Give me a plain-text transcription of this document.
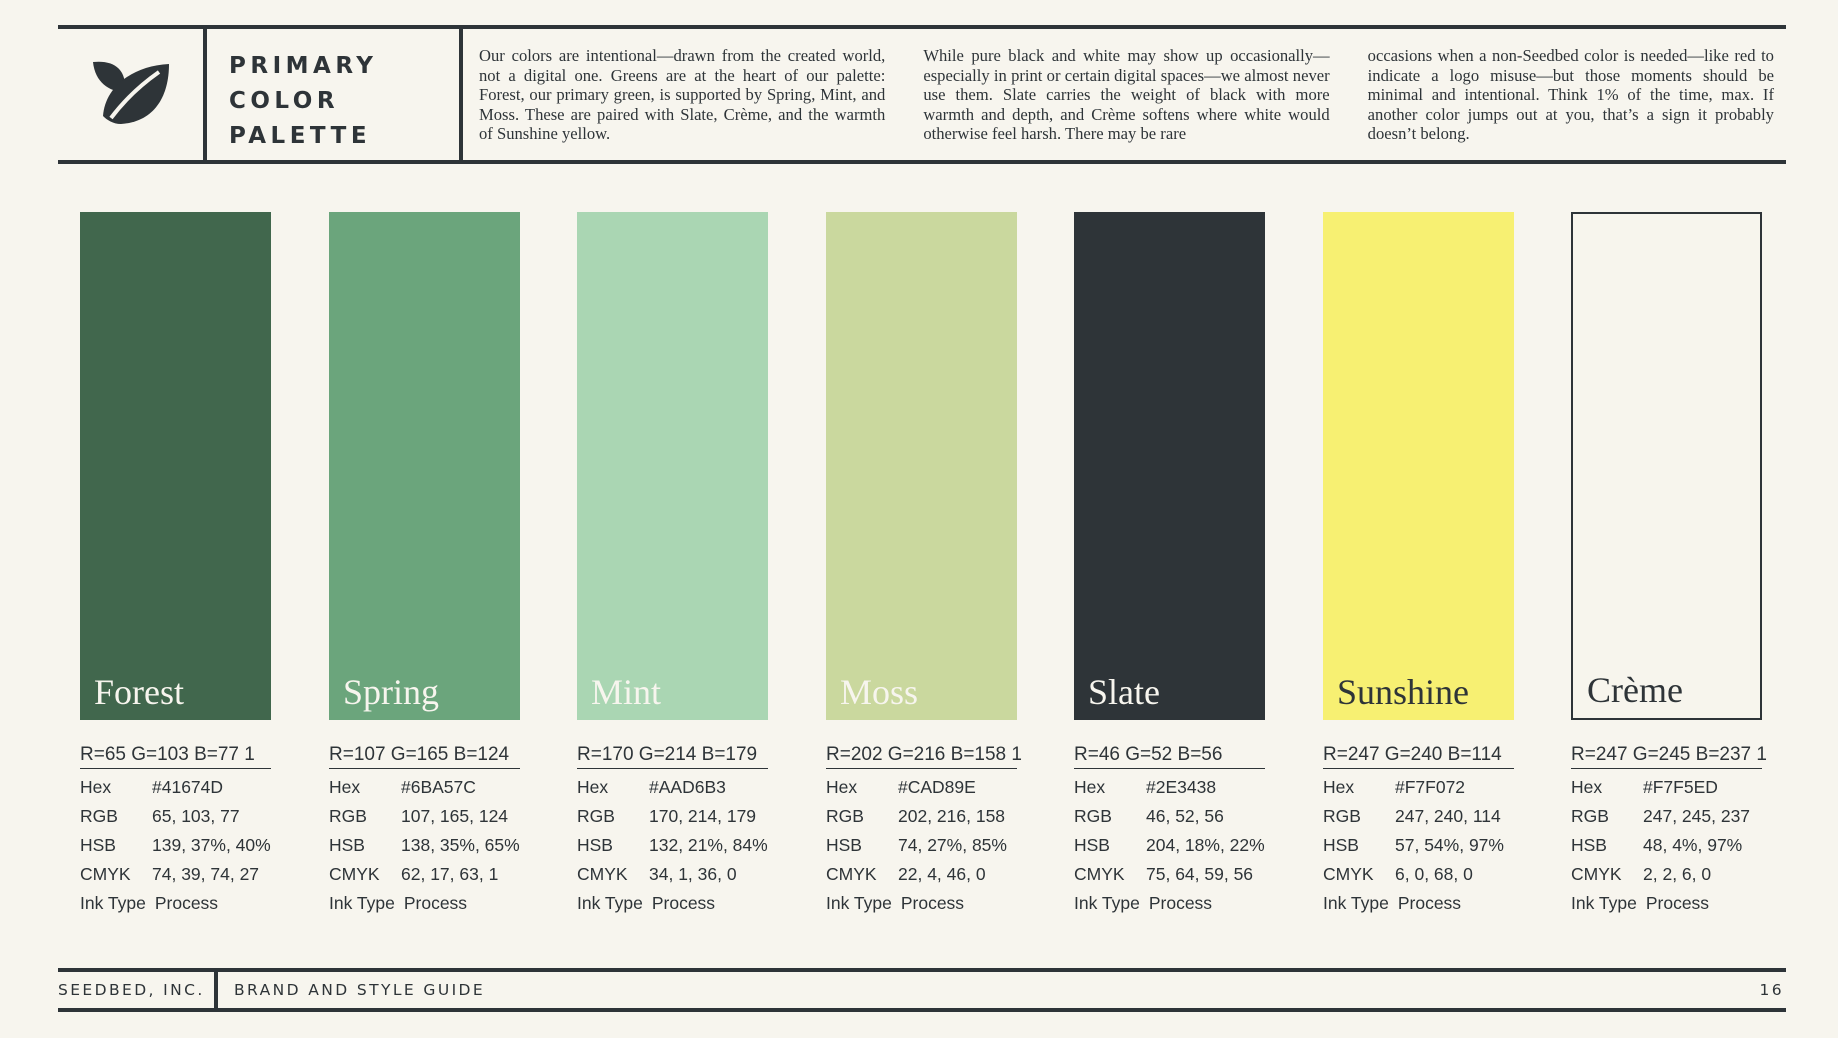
PRIMARY
COLOR
PALETTE
Our colors are intentional—drawn from the created world, not a digital one. Greens are at the heart of our palette: Forest, our primary green, is supported by Spring, Mint, and Moss. These are paired with Slate, Crème, and the warmth of Sunshine yellow.
While pure black and white may show up occasionally—especially in print or certain digital spaces—we almost never use them. Slate carries the weight of black with more warmth and depth, and Crème softens where white would otherwise feel harsh. There may be rare
occasions when a non-Seedbed color is needed—like red to indicate a logo misuse—but those moments should be minimal and intentional. Think 1% of the time, max. If another color jumps out at you, that’s a sign it probably doesn’t belong.
Forest
R=65 G=103 B=77 1
Hex	#41674D
RGB	65, 103, 77
HSB	139, 37%, 40%
CMYK	74, 39, 74, 27
Ink Type Process
Spring
R=107 G=165 B=124
Hex	#6BA57C
RGB	107, 165, 124
HSB	138, 35%, 65%
CMYK	62, 17, 63, 1
Ink Type Process
Mint
R=170 G=214 B=179
Hex	#AAD6B3
RGB	170, 214, 179
HSB	132, 21%, 84%
CMYK	34, 1, 36, 0
Ink Type Process
Moss
R=202 G=216 B=158 1
Hex	#CAD89E
RGB	202, 216, 158
HSB	74, 27%, 85%
CMYK	22, 4, 46, 0
Ink Type Process
Slate
R=46 G=52 B=56
Hex	#2E3438
RGB	46, 52, 56
HSB	204, 18%, 22%
CMYK	75, 64, 59, 56
Ink Type Process
Sunshine
R=247 G=240 B=114
Hex	#F7F072
RGB	247, 240, 114
HSB	57, 54%, 97%
CMYK	6, 0, 68, 0
Ink Type Process
Crème
R=247 G=245 B=237 1
Hex	#F7F5ED
RGB	247, 245, 237
HSB	48, 4%, 97%
CMYK	2, 2, 6, 0
Ink Type Process
SEEDBED, INC.	BRAND AND STYLE GUIDE	16
